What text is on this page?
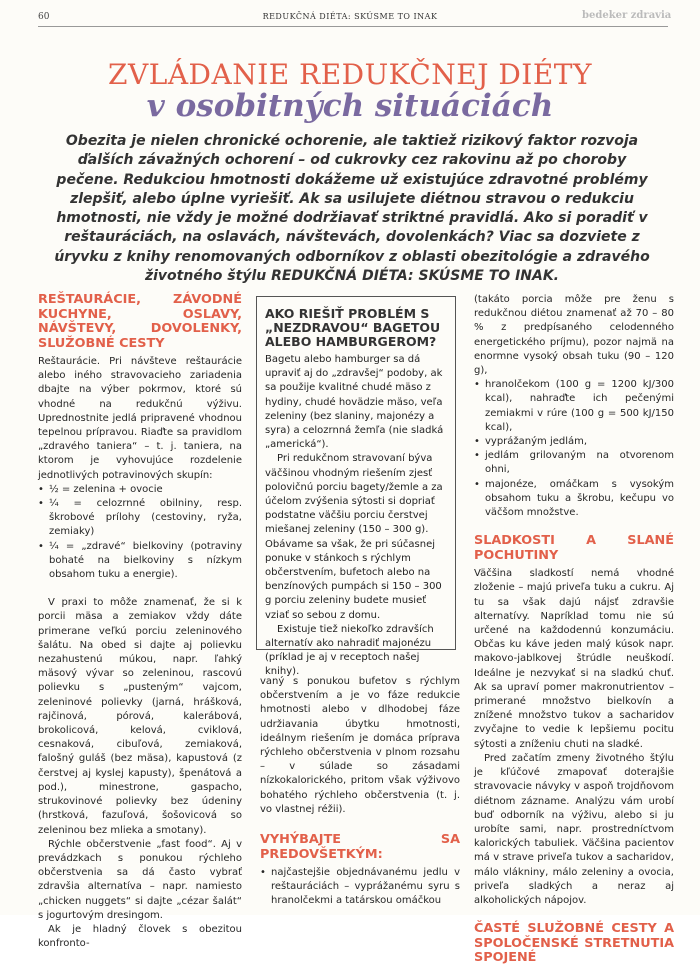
60	REDUKČNÁ DIÉTA: SKÚSME TO INAK	bedeker zdravia
ZVLÁDANIE REDUKČNEJ DIÉTY
v osobitných situáciách
Obezita je nielen chronické ochorenie, ale taktiež rizikový faktor rozvoja ďalších závažných ochorení – od cukrovky cez rakovinu až po choroby pečene. Redukciou hmotnosti dokážeme už existujúce zdravotné problémy zlepšiť, alebo úplne vyriešiť. Ak sa usilujete diétnou stravou o redukciu hmotnosti, nie vždy je možné dodržiavať striktné pravidlá. Ako si poradiť v reštauráciách, na oslavách, návštevách, dovolenkách? Viac sa dozviete z úryvku z knihy renomovaných odborníkov z oblasti obezitológie a zdravého životného štýlu REDUKČNÁ DIÉTA: SKÚSME TO INAK.
REŠTAURÁCIE, ZÁVODNÉ KUCHYNE, OSLAVY, NÁVŠTEVY, DOVOLENKY, SLUŽOBNÉ CESTY

Reštaurácie. Pri návšteve reštaurácie alebo iného stravovacieho zariadenia dbajte na výber pokrmov, ktoré sú vhodné na redukčnú výživu. Uprednostnite jedlá pripravené vhodnou tepelnou prípravou. Riaďte sa pravidlom „zdravého taniera“ – t. j. taniera, na ktorom je vyhovujúce rozdelenie jednotlivých potravinových skupín:

• ½ = zelenina + ovocie

• ¼ = celozrnné obilniny, resp. škrobové prílohy (cestoviny, ryža, zemiaky)

• ¼ = „zdravé“ bielkoviny (potraviny bohaté na bielkoviny s nízkym obsahom tuku a energie).

V praxi to môže znamenať, že si k porcii mäsa a zemiakov vždy dáte primerane veľkú porciu zeleninového šalátu. Na obed si dajte aj polievku nezahustenú múkou, napr. ľahký mäsový vývar so zeleninou, rascovú polievku s „pusteným“ vajcom, zeleninové polievky (jarná, hrášková, rajčinová, pórová, kalerábová, brokolicová, kelová, cviklová, cesnaková, cibuľová, zemiaková, falošný guláš (bez mäsa), kapustová (z čerstvej aj kyslej kapusty), špenátová a pod.), minestrone, gaspacho, strukovinové polievky bez údeniny (hrstková, fazuľová, šošovicová so zeleninou bez mlieka a smotany).

Rýchle občerstvenie „fast food“. Aj v prevádzkach s ponukou rýchleho občerstvenia sa dá často vybrať zdravšia alternatíva – napr. namiesto „chicken nuggets“ si dajte „cézar šalát“ s jogurtovým dresingom.

Ak je hladný človek s obezitou konfronto-

AKO RIEŠIŤ PROBLÉM S „NEZDRAVOU“ BAGETOU ALEBO HAMBURGEROM?

Bagetu alebo hamburger sa dá upraviť aj do „zdravšej“ podoby, ak sa použije kvalitné chudé mäso z hydiny, chudé hovädzie mäso, veľa zeleniny (bez slaniny, majonézy a syra) a celozrnná žemľa (nie sladká „americká“).

Pri redukčnom stravovaní býva väčšinou vhodným riešením zjesť polovičnú porciu bagety/žemle a za účelom zvýšenia sýtosti si dopriať podstatne väčšiu porciu čerstvej miešanej zeleniny (150 – 300 g). Obávame sa však, že pri súčasnej ponuke v stánkoch s rýchlym občerstvením, bufetoch alebo na benzínových pumpách si 150 – 300 g porciu zeleniny budete musieť vziať so sebou z domu.

Existuje tiež niekoľko zdravších alternatív ako nahradiť majonézu (príklad je aj v receptoch našej knihy).

vaný s ponukou bufetov s rýchlym občerstvením a je vo fáze redukcie hmotnosti alebo v dlhodobej fáze udržiavania úbytku hmotnosti, ideálnym riešením je domáca príprava rýchleho občerstvenia v plnom rozsahu – v súlade so zásadami nízkokalorického, pritom však výživovo bohatého rýchleho občerstvenia (t. j. vo vlastnej réžii).

VYHÝBAJTE SA PREDOVŠETKÝM:

• najčastejšie objednávanému jedlu v reštauráciách – vyprážanému syru s hranolčekmi a tatárskou omáčkou

(takáto porcia môže pre ženu s redukčnou diétou znamenať až 70 – 80 % z predpísaného celodenného energetického príjmu), pozor najmä na enormne vysoký obsah tuku (90 – 120 g),

• hranolčekom (100 g = 1200 kJ/300 kcal), nahraďte ich pečenými zemiakmi v rúre (100 g = 500 kJ/150 kcal),

• vyprážaným jedlám,

• jedlám grilovaným na otvorenom ohni,

• majonéze, omáčkam s vysokým obsahom tuku a škrobu, kečupu vo väčšom množstve.

SLADKOSTI A SLANÉ POCHUTINY

Väčšina sladkostí nemá vhodné zloženie – majú priveľa tuku a cukru. Aj tu sa však dajú nájsť zdravšie alternatívy. Napríklad tomu nie sú určené na každodennú konzumáciu. Občas ku káve jeden malý kúsok napr. makovo-jablkovej štrúdle neuškodí. Ideálne je nezvykať si na sladkú chuť. Ak sa upraví pomer makronutrientov – primerané množstvo bielkovín a znížené množstvo tukov a sacharidov zvyčajne to vedie k lepšiemu pocitu sýtosti a zníženiu chuti na sladké.

Pred začatím zmeny životného štýlu je kľúčové zmapovať doterajšie stravovacie návyky v aspoň trojdňovom diétnom zázname. Analýzu vám urobí buď odborník na výživu, alebo si ju urobíte sami, napr. prostredníctvom kalorických tabuliek. Väčšina pacientov má v strave priveľa tukov a sacharidov, málo vlákniny, málo zeleniny a ovocia, priveľa sladkých a neraz aj alkoholických nápojov.

ČASTÉ SLUŽOBNÉ CESTY A SPOLOČENSKÉ STRETNUTIA SPOJENÉ
